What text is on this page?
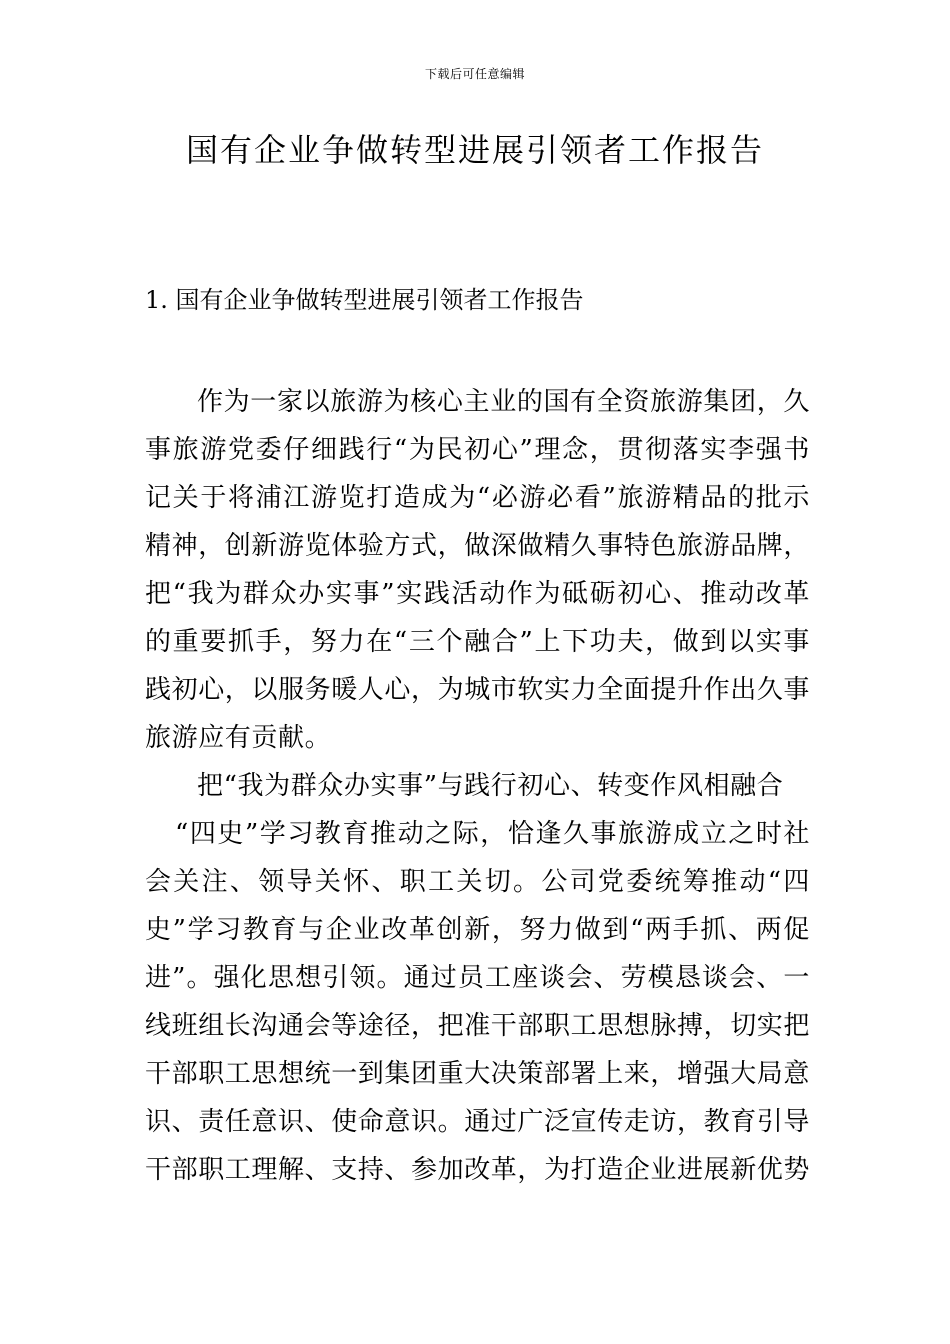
下载后可任意编辑
国有企业争做转型进展引领者工作报告
1. 国有企业争做转型进展引领者工作报告

作为一家以旅游为核心主业的国有全资旅游集团，久事旅游党委仔细践行“为民初心”理念，贯彻落实李强书记关于将浦江游览打造成为“必游必看”旅游精品的批示精神，创新游览体验方式，做深做精久事特色旅游品牌，把“我为群众办实事”实践活动作为砥砺初心、推动改革的重要抓手，努力在“三个融合”上下功夫，做到以实事践初心，以服务暖人心，为城市软实力全面提升作出久事旅游应有贡献。

把“我为群众办实事”与践行初心、转变作风相融合

“四史”学习教育推动之际，恰逢久事旅游成立之时社会关注、领导关怀、职工关切。公司党委统筹推动“四史”学习教育与企业改革创新，努力做到“两手抓、两促进”。强化思想引领。通过员工座谈会、劳模恳谈会、一线班组长沟通会等途径，把准干部职工思想脉搏，切实把干部职工思想统一到集团重大决策部署上来，增强大局意识、责任意识、使命意识。通过广泛宣传走访，教育引导干部职工理解、支持、参加改革，为打造企业进展新优势
